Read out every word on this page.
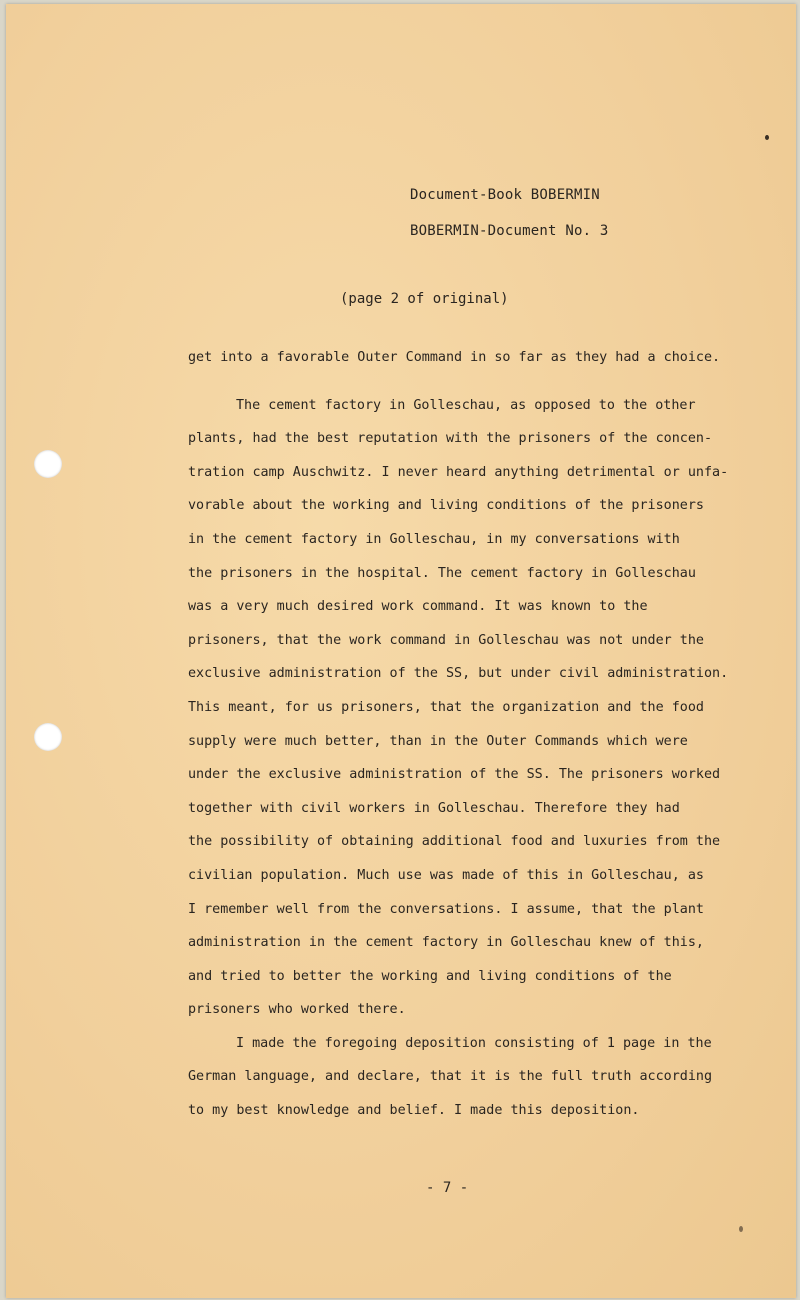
Document-Book BOBERMIN
BOBERMIN-Document No. 3
(page 2 of original)
get into a favorable Outer Command in so far as they had a choice.
The cement factory in Golleschau, as opposed to the other
plants, had the best reputation with the prisoners of the concen-
tration camp Auschwitz. I never heard anything detrimental or unfa-
vorable about the working and living conditions of the prisoners
in the cement factory in Golleschau, in my conversations with
the prisoners in the hospital. The cement factory in Golleschau
was a very much desired work command. It was known to the
prisoners, that the work command in Golleschau was not under the
exclusive administration of the SS, but under civil administration.
This meant, for us prisoners, that the organization and the food
supply were much better, than in the Outer Commands which were
under the exclusive administration of the SS. The prisoners worked
together with civil workers in Golleschau. Therefore they had
the possibility of obtaining additional food and luxuries from the
civilian population. Much use was made of this in Golleschau, as
I remember well from the conversations. I assume, that the plant
administration in the cement factory in Golleschau knew of this,
and tried to better the working and living conditions of the
prisoners who worked there.
I made the foregoing deposition consisting of 1 page in the
German language, and declare, that it is the full truth according
to my best knowledge and belief. I made this deposition.
- 7 -
